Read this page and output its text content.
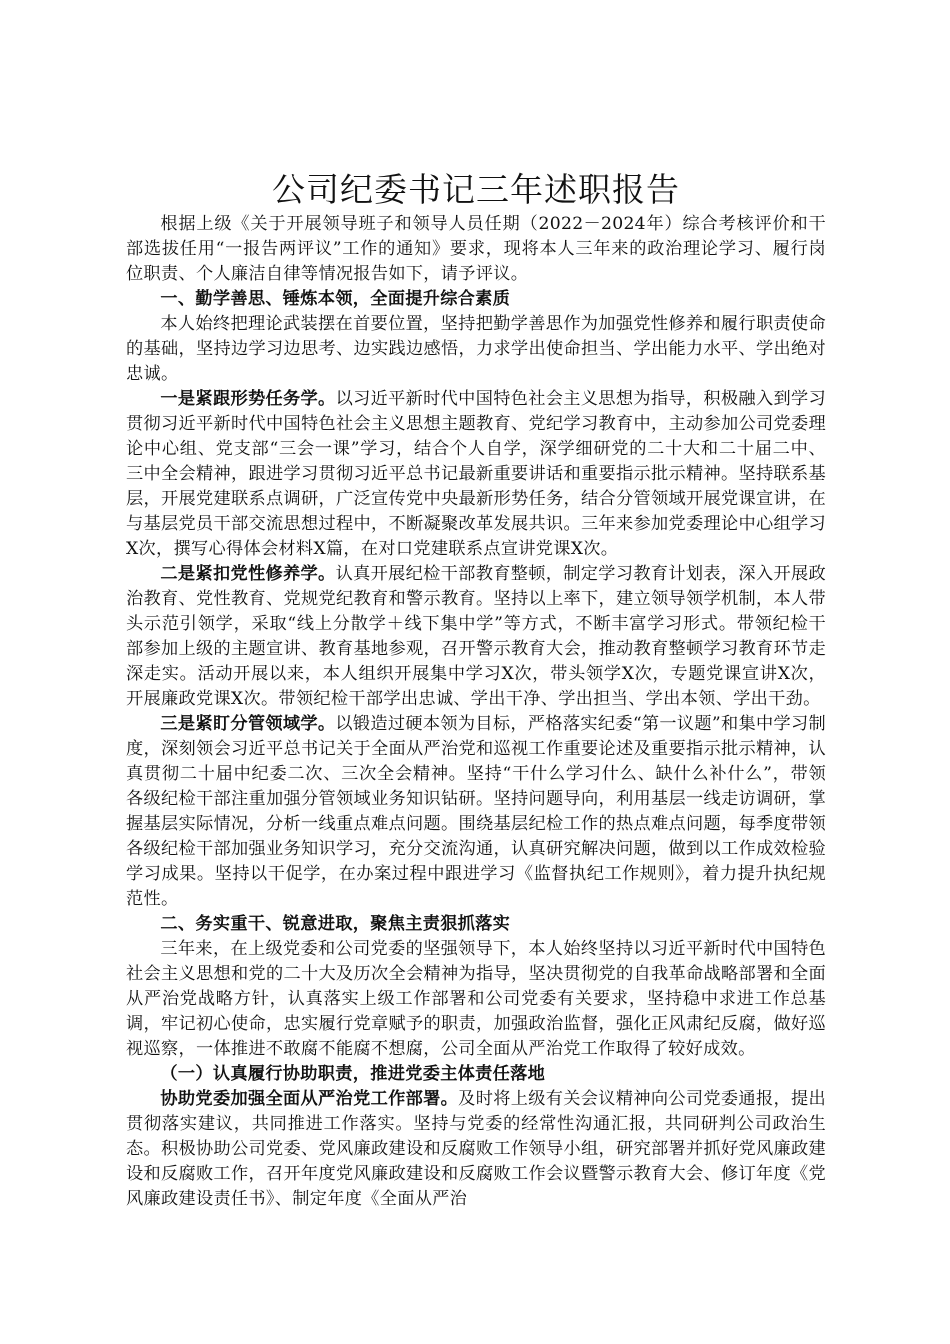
公司纪委书记三年述职报告

根据上级《关于开展领导班子和领导人员任期（2022－2024年）综合考核评价和干部选拔任用“一报告两评议”工作的通知》要求，现将本人三年来的政治理论学习、履行岗位职责、个人廉洁自律等情况报告如下，请予评议。

一、勤学善思、锤炼本领，全面提升综合素质

本人始终把理论武装摆在首要位置，坚持把勤学善思作为加强党性修养和履行职责使命的基础，坚持边学习边思考、边实践边感悟，力求学出使命担当、学出能力水平、学出绝对忠诚。

一是紧跟形势任务学。以习近平新时代中国特色社会主义思想为指导，积极融入到学习贯彻习近平新时代中国特色社会主义思想主题教育、党纪学习教育中，主动参加公司党委理论中心组、党支部“三会一课”学习，结合个人自学，深学细研党的二十大和二十届二中、三中全会精神，跟进学习贯彻习近平总书记最新重要讲话和重要指示批示精神。坚持联系基层，开展党建联系点调研，广泛宣传党中央最新形势任务，结合分管领域开展党课宣讲，在与基层党员干部交流思想过程中，不断凝聚改革发展共识。三年来参加党委理论中心组学习X次，撰写心得体会材料X篇，在对口党建联系点宣讲党课X次。

二是紧扣党性修养学。认真开展纪检干部教育整顿，制定学习教育计划表，深入开展政治教育、党性教育、党规党纪教育和警示教育。坚持以上率下，建立领导领学机制，本人带头示范引领学，采取“线上分散学＋线下集中学”等方式，不断丰富学习形式。带领纪检干部参加上级的主题宣讲、教育基地参观，召开警示教育大会，推动教育整顿学习教育环节走深走实。活动开展以来，本人组织开展集中学习X次，带头领学X次，专题党课宣讲X次，开展廉政党课X次。带领纪检干部学出忠诚、学出干净、学出担当、学出本领、学出干劲。

三是紧盯分管领域学。以锻造过硬本领为目标，严格落实纪委“第一议题”和集中学习制度，深刻领会习近平总书记关于全面从严治党和巡视工作重要论述及重要指示批示精神，认真贯彻二十届中纪委二次、三次全会精神。坚持“干什么学习什么、缺什么补什么”，带领各级纪检干部注重加强分管领域业务知识钻研。坚持问题导向，利用基层一线走访调研，掌握基层实际情况，分析一线重点难点问题。围绕基层纪检工作的热点难点问题，每季度带领各级纪检干部加强业务知识学习，充分交流沟通，认真研究解决问题，做到以工作成效检验学习成果。坚持以干促学，在办案过程中跟进学习《监督执纪工作规则》，着力提升执纪规范性。

二、务实重干、锐意进取，聚焦主责狠抓落实

三年来，在上级党委和公司党委的坚强领导下，本人始终坚持以习近平新时代中国特色社会主义思想和党的二十大及历次全会精神为指导，坚决贯彻党的自我革命战略部署和全面从严治党战略方针，认真落实上级工作部署和公司党委有关要求，坚持稳中求进工作总基调，牢记初心使命，忠实履行党章赋予的职责，加强政治监督，强化正风肃纪反腐，做好巡视巡察，一体推进不敢腐不能腐不想腐，公司全面从严治党工作取得了较好成效。

（一）认真履行协助职责，推进党委主体责任落地

协助党委加强全面从严治党工作部署。及时将上级有关会议精神向公司党委通报，提出贯彻落实建议，共同推进工作落实。坚持与党委的经常性沟通汇报，共同研判公司政治生态。积极协助公司党委、党风廉政建设和反腐败工作领导小组，研究部署并抓好党风廉政建设和反腐败工作，召开年度党风廉政建设和反腐败工作会议暨警示教育大会、修订年度《党风廉政建设责任书》、制定年度《全面从严治
